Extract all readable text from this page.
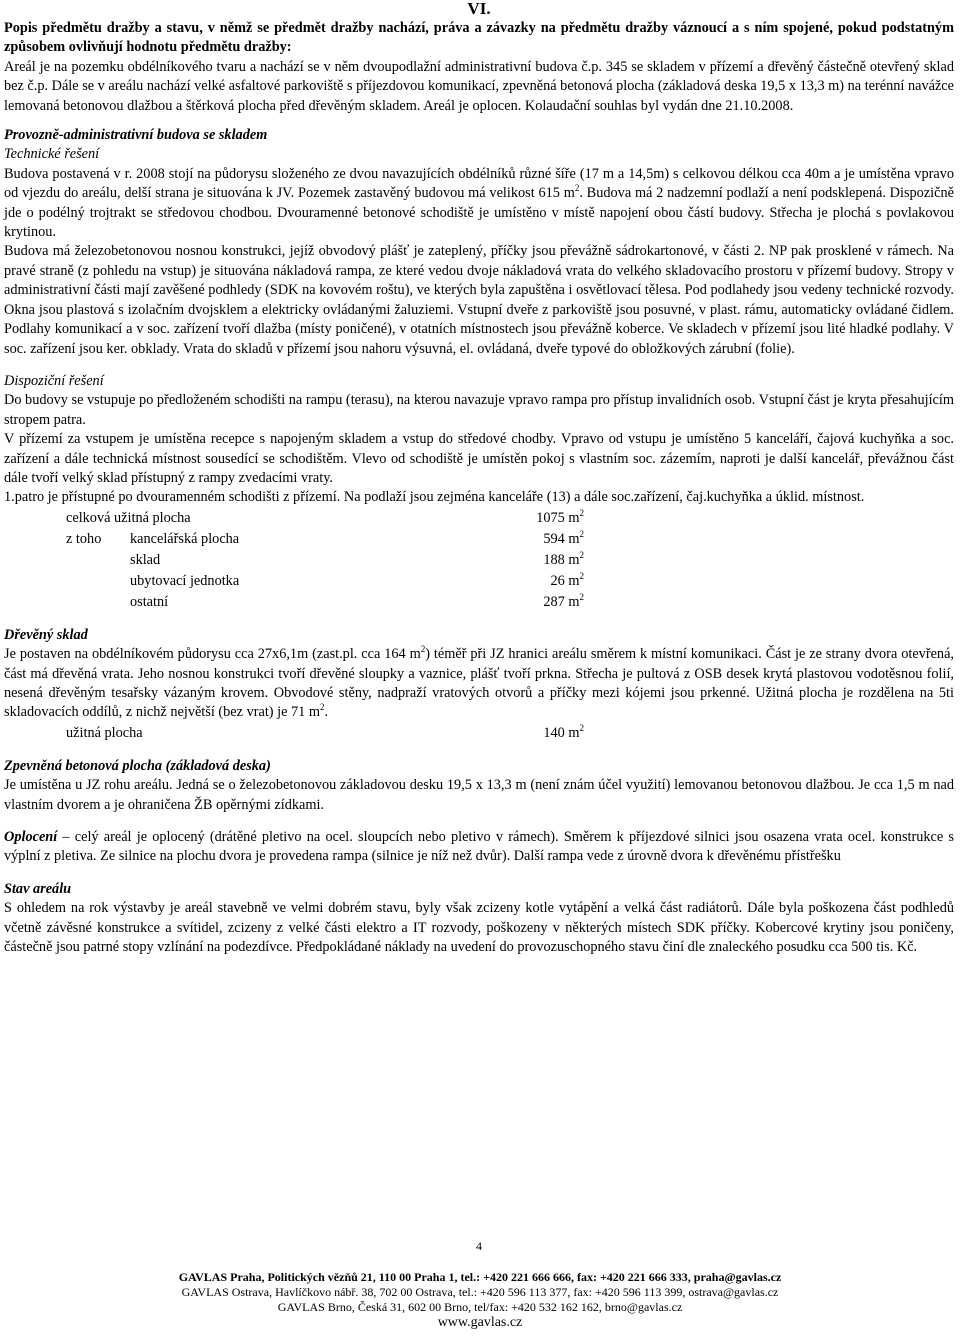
VI.

Popis předmětu dražby a stavu, v němž se předmět dražby nachází, práva a závazky na předmětu dražby váznoucí a s ním spojené, pokud podstatným způsobem ovlivňují hodnotu předmětu dražby:

Areál je na pozemku obdélníkového tvaru a nachází se v něm dvoupodlažní administrativní budova č.p. 345 se skladem v přízemí a dřevěný částečně otevřený sklad bez č.p. Dále se v areálu nachází velké asfaltové parkoviště s příjezdovou komunikací, zpevněná betonová plocha (základová deska 19,5 x 13,3 m) na terénní navážce lemovaná betonovou dlažbou a štěrková plocha před dřevěným skladem. Areál je oplocen. Kolaudační souhlas byl vydán dne 21.10.2008.

Provozně-administrativní budova se skladem

Technické řešení

Budova postavená v r. 2008 stojí na půdorysu složeného ze dvou navazujících obdélníků různé šíře (17 m a 14,5m) s celkovou délkou cca 40m a je umístěna vpravo od vjezdu do areálu, delší strana je situována k JV. Pozemek zastavěný budovou má velikost 615 $m^2$. Budova má 2 nadzemní podlaží a není podsklepená. Dispozičně jde o podélný trojtrakt se středovou chodbou. Dvouramenné betonové schodiště je umístěno v místě napojení obou částí budovy. Střecha je plochá s povlakovou krytinou.

Budova má železobetonovou nosnou konstrukci, jejíž obvodový plášť je zateplený, příčky jsou převážně sádrokartonové, v části 2. NP pak prosklené v rámech. Na pravé straně (z pohledu na vstup) je situována nákladová rampa, ze které vedou dvoje nákladová vrata do velkého skladovacího prostoru v přízemí budovy. Stropy v administrativní části mají zavěšené podhledy (SDK na kovovém roštu), ve kterých byla zapuštěna i osvětlovací tělesa. Pod podlahedy jsou vedeny technické rozvody. Okna jsou plastová s izolačním dvojsklem a elektricky ovládanými žaluziemi. Vstupní dveře z parkoviště jsou posuvné, v plast. rámu, automaticky ovládané čidlem. Podlahy komunikací a v soc. zařízení tvoří dlažba (místy poničené), v otatních místnostech jsou převážně koberce. Ve skladech v přízemí jsou lité hladké podlahy. V soc. zařízení jsou ker. obklady. Vrata do skladů v přízemí jsou nahoru výsuvná, el. ovládaná, dveře typové do obložkových zárubní (folie).

Dispoziční řešení

Do budovy se vstupuje po předloženém schodišti na rampu (terasu), na kterou navazuje vpravo rampa pro přístup invalidních osob. Vstupní část je kryta přesahujícím stropem patra.

V přízemí za vstupem je umístěna recepce s napojeným skladem a vstup do středové chodby. Vpravo od vstupu je umístěno 5 kanceláří, čajová kuchyňka a soc. zařízení a dále technická místnost sousedící se schodištěm. Vlevo od schodiště je umístěn pokoj s vlastním soc. zázemím, naproti je další kancelář, převážnou část dále tvoří velký sklad přístupný z rampy zvedacími vraty.

1.patro je přístupné po dvouramenném schodišti z přízemí. Na podlaží jsou zejména kanceláře (13) a dále soc.zařízení, čaj.kuchyňka a úklid. místnost.

celková užitná plocha		1075 $m^2$
z toho	kancelářská plocha	594 $m^2$
	sklad	188 $m^2$
	ubytovací jednotka	26 $m^2$
	ostatní	287 $m^2$

Dřevěný sklad

Je postaven na obdélníkovém půdorysu cca 27x6,1m (zast.pl. cca 164 $m^2$) téměř při JZ hranici areálu směrem k místní komunikaci. Část je ze strany dvora otevřená, část má dřevěná vrata. Jeho nosnou konstrukci tvoří dřevěné sloupky a vaznice, plášť tvoří prkna. Střecha je pultová z OSB desek krytá plastovou vodotěsnou folií, nesená dřevěným tesařsky vázaným krovem. Obvodové stěny, nadpraží vratových otvorů a příčky mezi kójemi jsou prkenné. Užitná plocha je rozdělena na 5ti skladovacích oddílů, z nichž největší (bez vrat) je 71 $m^2$.

užitná plocha	140 $m^2$

Zpevněná betonová plocha (základová deska)

Je umístěna u JZ rohu areálu. Jedná se o železobetonovou základovou desku 19,5 x 13,3 m (není znám účel využití) lemovanou betonovou dlažbou. Je cca 1,5 m nad vlastním dvorem a je ohraničena ŽB opěrnými zídkami.

Oplocení – celý areál je oplocený (drátěné pletivo na ocel. sloupcích nebo pletivo v rámech). Směrem k příjezdové silnici jsou osazena vrata ocel. konstrukce s výplní z pletiva. Ze silnice na plochu dvora je provedena rampa (silnice je níž než dvůr). Další rampa vede z úrovně dvora k dřevěnému přístřešku

Stav areálu

S ohledem na rok výstavby je areál stavebně ve velmi dobrém stavu, byly však zcizeny kotle vytápění a velká část radiátorů. Dále byla poškozena část podhledů včetně závěsné konstrukce a svítidel, zcizeny z velké části elektro a IT rozvody, poškozeny v některých místech SDK příčky. Kobercové krytiny jsou poničeny, částečně jsou patrné stopy vzlínání na podezdívce. Předpokládané náklady na uvedení do provozuschopného stavu činí dle znaleckého posudku cca 500 tis. Kč.

4
GAVLAS Praha, Politických vězňů 21, 110 00 Praha 1, tel.: +420 221 666 666, fax: +420 221 666 333, praha@gavlas.cz
GAVLAS Ostrava, Havlíčkovo nábř. 38, 702 00 Ostrava, tel.: +420 596 113 377, fax: +420 596 113 399, ostrava@gavlas.cz
GAVLAS Brno, Česká 31, 602 00 Brno, tel/fax: +420 532 162 162, brno@gavlas.cz
www.gavlas.cz
